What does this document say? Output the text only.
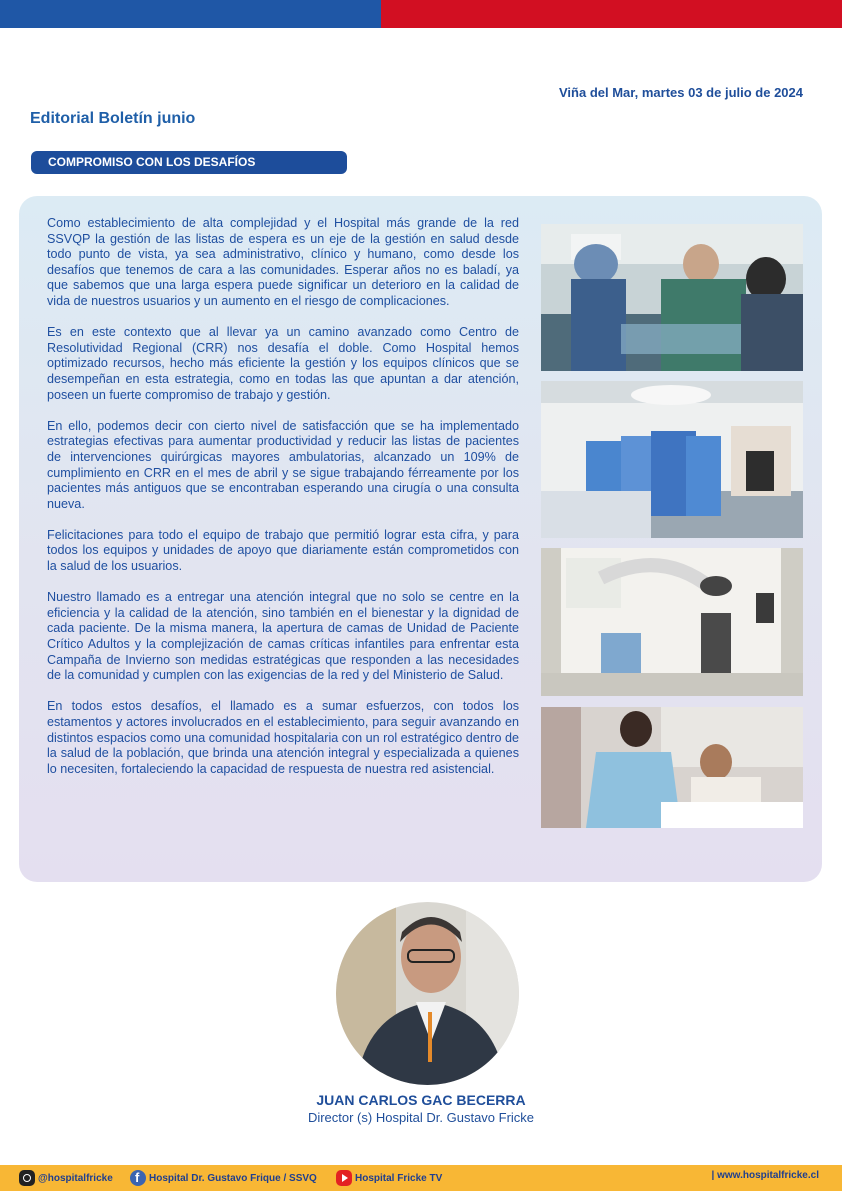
Viña del Mar, martes 03 de julio de 2024
Editorial Boletín junio
COMPROMISO CON LOS DESAFÍOS

Como establecimiento de alta complejidad y el Hospital más grande de la red SSVQP la gestión de las listas de espera es un eje de la gestión en salud desde todo punto de vista, ya sea administrativo, clínico y humano, como desde los desafíos que tenemos de cara a las comunidades. Esperar años no es baladí, ya que sabemos que una larga espera puede significar un deterioro en la calidad de vida de nuestros usuarios y un aumento en el riesgo de complicaciones.

Es en este contexto que al llevar ya un camino avanzado como Centro de Resolutividad Regional (CRR) nos desafía el doble. Como Hospital hemos optimizado recursos, hecho más eficiente la gestión y los equipos clínicos que se desempeñan en esta estrategia, como en todas las que apuntan a dar atención, poseen un fuerte compromiso de trabajo y gestión.

En ello, podemos decir con cierto nivel de satisfacción que se ha implementado estrategias efectivas para aumentar productividad y reducir las listas de pacientes de intervenciones quirúrgicas mayores ambulatorias, alcanzado un 109% de cumplimiento en CRR en el mes de abril y se sigue trabajando férreamente por los pacientes más antiguos que se encontraban esperando una cirugía o una consulta nueva.

Felicitaciones para todo el equipo de trabajo que permitió lograr esta cifra, y para todos los equipos y unidades de apoyo que diariamente están comprometidos con la salud de los usuarios.

Nuestro llamado es a entregar una atención integral que no solo se centre en la eficiencia y la calidad de la atención, sino también en el bienestar y la dignidad de cada paciente. De la misma manera, la apertura de camas de Unidad de Paciente Crítico Adultos y la complejización de camas críticas infantiles para enfrentar esta Campaña de Invierno son medidas estratégicas que responden a las necesidades de la comunidad y cumplen con las exigencias de la red y del Ministerio de Salud.

En todos estos desafíos, el llamado es a sumar esfuerzos, con todos los estamentos y actores involucrados en el establecimiento, para seguir avanzando en distintos espacios como una comunidad hospitalaria con un rol estratégico dentro de la salud de la población, que brinda una atención integral y especializada a quienes lo necesiten, fortaleciendo la capacidad de respuesta de nuestra red asistencial.

JUAN CARLOS GAC BECERRA
Director (s) Hospital Dr. Gustavo Fricke
@hospitalfricke
f	Hospital Dr. Gustavo Frique / SSVQ	Hospital Fricke TV	| www.hospitalfricke.cl
